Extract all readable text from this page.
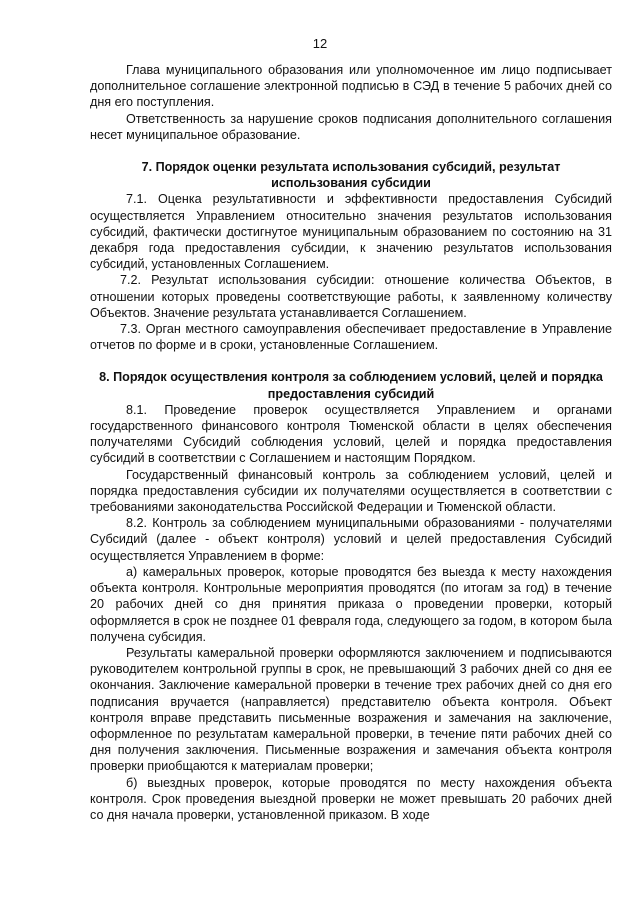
12

Глава муниципального образования или уполномоченное им лицо подписывает дополнительное соглашение электронной подписью в СЭД в течение 5 рабочих дней со дня его поступления.

Ответственность за нарушение сроков подписания дополнительного соглашения несет муниципальное образование.

7. Порядок оценки результата использования субсидий, результат использования субсидии

7.1. Оценка результативности и эффективности предоставления Субсидий осуществляется Управлением относительно значения результатов использования субсидий, фактически достигнутое муниципальным образованием по состоянию на 31 декабря года предоставления субсидии, к значению результатов использования субсидий, установленных Соглашением.

7.2. Результат использования субсидии: отношение количества Объектов, в отношении которых проведены соответствующие работы, к заявленному количеству Объектов. Значение результата устанавливается Соглашением.

7.3. Орган местного самоуправления обеспечивает предоставление в Управление отчетов по форме и в сроки, установленные Соглашением.

8. Порядок осуществления контроля за соблюдением условий, целей и порядка предоставления субсидий

8.1. Проведение проверок осуществляется Управлением и органами государственного финансового контроля Тюменской области в целях обеспечения получателями Субсидий соблюдения условий, целей и порядка предоставления субсидий в соответствии с Соглашением и настоящим Порядком.

Государственный финансовый контроль за соблюдением условий, целей и порядка предоставления субсидии их получателями осуществляется в соответствии с требованиями законодательства Российской Федерации и Тюменской области.

8.2. Контроль за соблюдением муниципальными образованиями - получателями Субсидий (далее - объект контроля) условий и целей предоставления Субсидий осуществляется Управлением в форме:

а) камеральных проверок, которые проводятся без выезда к месту нахождения объекта контроля. Контрольные мероприятия проводятся (по итогам за год) в течение 20 рабочих дней со дня принятия приказа о проведении проверки, который оформляется в срок не позднее 01 февраля года, следующего за годом, в котором была получена субсидия.

Результаты камеральной проверки оформляются заключением и подписываются руководителем контрольной группы в срок, не превышающий 3 рабочих дней со дня ее окончания. Заключение камеральной проверки в течение трех рабочих дней со дня его подписания вручается (направляется) представителю объекта контроля. Объект контроля вправе представить письменные возражения и замечания на заключение, оформленное по результатам камеральной проверки, в течение пяти рабочих дней со дня получения заключения. Письменные возражения и замечания объекта контроля проверки приобщаются к материалам проверки;

б) выездных проверок, которые проводятся по месту нахождения объекта контроля. Срок проведения выездной проверки не может превышать 20 рабочих дней со дня начала проверки, установленной приказом. В ходе
